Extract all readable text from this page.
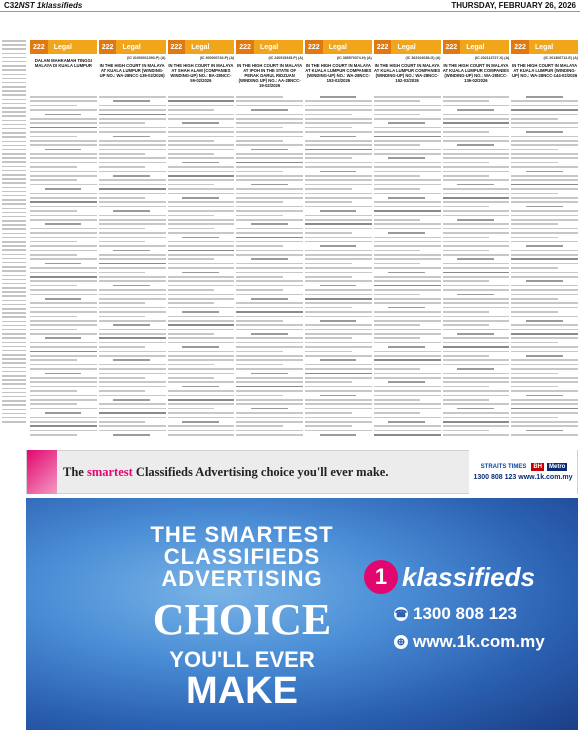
C32 NST 1klassifieds	THURSDAY, FEBRUARY 26, 2026
222	Legal	222	Legal	222	Legal	222	Legal	222	Legal	222	Legal	222	Legal	222	Legal
DALAM MAHKAMAH TINGGI MALAYA DI KUALA LUMPUR
(IC 31000011090-P) (A)
IN THE HIGH COURT IN MALAYA AT KUALA LUMPUR (WINDING-UP NO.: WA-28NCC-139-02/2026)
(IC 300000740-P) (A)
IN THE HIGH COURT IN MALAYA AT SHAH ALAM (COMPANIES WINDING-UP) NO.: BA-28NCC-59-02/2026
(IC 240915345-P) (A)
IN THE HIGH COURT IN MALAYA AT IPOH IN THE STATE OF PERAK DARUL RIDZUAN (WINDING UP) NO.: AA-28NCC-19-02/2026
(IC 385970374-H) (A)
IN THE HIGH COURT IN MALAYA AT KUALA LUMPUR COMPANIES (WINDING-UP) NO.: WA-28NCC-153-02/2026
(IC 363104038-G) (A)
IN THE HIGH COURT IN MALAYA AT KUALA LUMPUR COMPANIES (WINDING-UP) NO.: WA-28NCC-152-02/2026
(IC 202113727-X) (A)
IN THE HIGH COURT IN MALAYA AT KUALA LUMPUR COMPANIES (WINDING-UP) NO.: WA-28NCC-136-02/2026
(IC 201306712-E) (A)
IN THE HIGH COURT IN MALAYA AT KUALA LUMPUR (WINDING-UP) NO.: WA-28NCC-144-02/2026
The smartest Classifieds Advertising choice you'll ever make.	STRAITS TIMES	BH	Metro
1300 808 123 www.1k.com.my
THE SMARTEST
CLASSIFIEDS
ADVERTISING
CHOICE
YOU'LL EVER
MAKE
1 klassifieds
☎ 1300 808 123
⊕ www.1k.com.my
